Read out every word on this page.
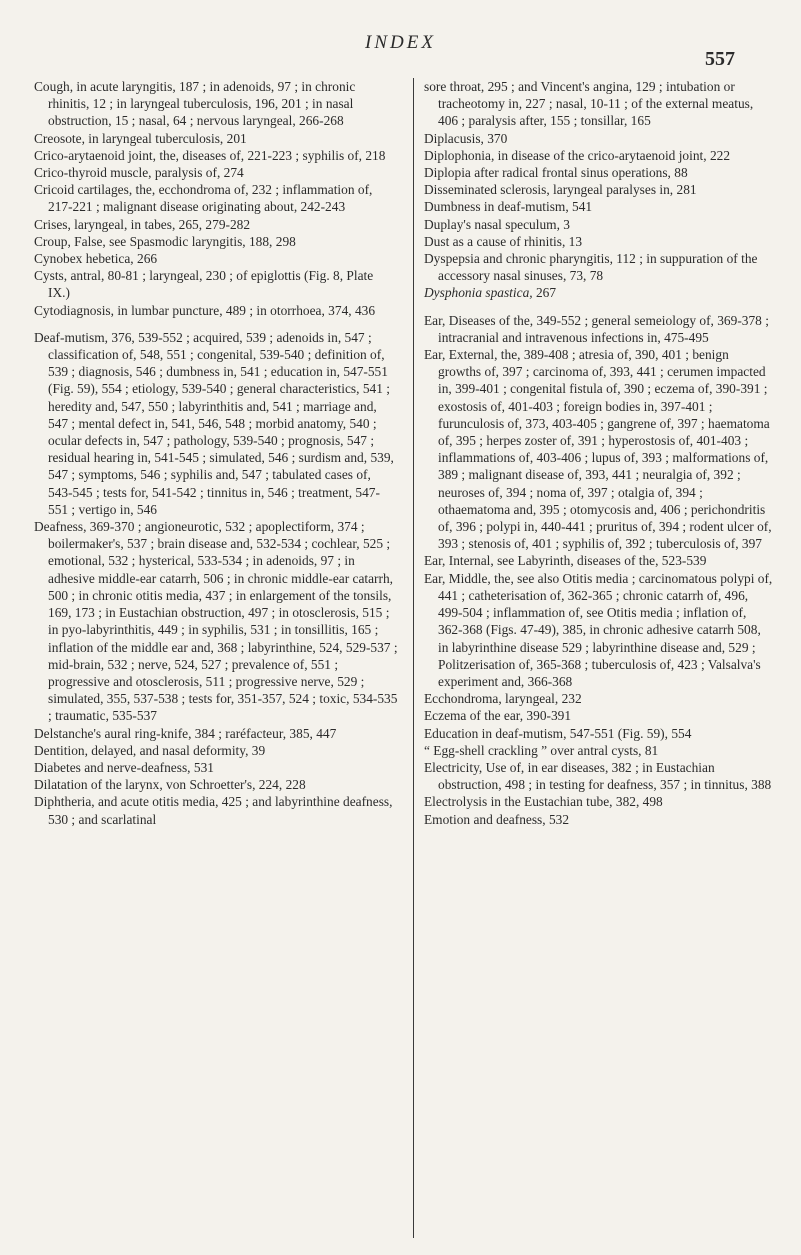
INDEX
557

Cough, in acute laryngitis, 187 ; in adenoids, 97 ; in chronic rhinitis, 12 ; in laryngeal tuberculosis, 196, 201 ; in nasal obstruction, 15 ; nasal, 64 ; nervous laryngeal, 266-268

Creosote, in laryngeal tuberculosis, 201

Crico-arytaenoid joint, the, diseases of, 221-223 ; syphilis of, 218

Crico-thyroid muscle, paralysis of, 274

Cricoid cartilages, the, ecchondroma of, 232 ; inflammation of, 217-221 ; malignant disease originating about, 242-243

Crises, laryngeal, in tabes, 265, 279-282

Croup, False, see Spasmodic laryngitis, 188, 298

Cynobex hebetica, 266

Cysts, antral, 80-81 ; laryngeal, 230 ; of epiglottis (Fig. 8, Plate IX.)

Cytodiagnosis, in lumbar puncture, 489 ; in otorrhoea, 374, 436

Deaf-mutism, 376, 539-552 ; acquired, 539 ; adenoids in, 547 ; classification of, 548, 551 ; congenital, 539-540 ; definition of, 539 ; diagnosis, 546 ; dumbness in, 541 ; education in, 547-551 (Fig. 59), 554 ; etiology, 539-540 ; general characteristics, 541 ; heredity and, 547, 550 ; labyrinthitis and, 541 ; marriage and, 547 ; mental defect in, 541, 546, 548 ; morbid anatomy, 540 ; ocular defects in, 547 ; pathology, 539-540 ; prognosis, 547 ; residual hearing in, 541-545 ; simulated, 546 ; surdism and, 539, 547 ; symptoms, 546 ; syphilis and, 547 ; tabulated cases of, 543-545 ; tests for, 541-542 ; tinnitus in, 546 ; treatment, 547-551 ; vertigo in, 546

Deafness, 369-370 ; angioneurotic, 532 ; apoplectiform, 374 ; boilermaker's, 537 ; brain disease and, 532-534 ; cochlear, 525 ; emotional, 532 ; hysterical, 533-534 ; in adenoids, 97 ; in adhesive middle-ear catarrh, 506 ; in chronic middle-ear catarrh, 500 ; in chronic otitis media, 437 ; in enlargement of the tonsils, 169, 173 ; in Eustachian obstruction, 497 ; in otosclerosis, 515 ; in pyo-labyrinthitis, 449 ; in syphilis, 531 ; in tonsillitis, 165 ; inflation of the middle ear and, 368 ; labyrinthine, 524, 529-537 ; mid-brain, 532 ; nerve, 524, 527 ; prevalence of, 551 ; progressive and otosclerosis, 511 ; progressive nerve, 529 ; simulated, 355, 537-538 ; tests for, 351-357, 524 ; toxic, 534-535 ; traumatic, 535-537

Delstanche's aural ring-knife, 384 ; raréfacteur, 385, 447

Dentition, delayed, and nasal deformity, 39

Diabetes and nerve-deafness, 531

Dilatation of the larynx, von Schroetter's, 224, 228

Diphtheria, and acute otitis media, 425 ; and labyrinthine deafness, 530 ; and scarlatinal

sore throat, 295 ; and Vincent's angina, 129 ; intubation or tracheotomy in, 227 ; nasal, 10-11 ; of the external meatus, 406 ; paralysis after, 155 ; tonsillar, 165

Diplacusis, 370

Diplophonia, in disease of the crico-arytaenoid joint, 222

Diplopia after radical frontal sinus operations, 88

Disseminated sclerosis, laryngeal paralyses in, 281

Dumbness in deaf-mutism, 541

Duplay's nasal speculum, 3

Dust as a cause of rhinitis, 13

Dyspepsia and chronic pharyngitis, 112 ; in suppuration of the accessory nasal sinuses, 73, 78

Dysphonia spastica, 267

Ear, Diseases of the, 349-552 ; general semeiology of, 369-378 ; intracranial and intravenous infections in, 475-495

Ear, External, the, 389-408 ; atresia of, 390, 401 ; benign growths of, 397 ; carcinoma of, 393, 441 ; cerumen impacted in, 399-401 ; congenital fistula of, 390 ; eczema of, 390-391 ; exostosis of, 401-403 ; foreign bodies in, 397-401 ; furunculosis of, 373, 403-405 ; gangrene of, 397 ; haematoma of, 395 ; herpes zoster of, 391 ; hyperostosis of, 401-403 ; inflammations of, 403-406 ; lupus of, 393 ; malformations of, 389 ; malignant disease of, 393, 441 ; neuralgia of, 392 ; neuroses of, 394 ; noma of, 397 ; otalgia of, 394 ; othaematoma and, 395 ; otomycosis and, 406 ; perichondritis of, 396 ; polypi in, 440-441 ; pruritus of, 394 ; rodent ulcer of, 393 ; stenosis of, 401 ; syphilis of, 392 ; tuberculosis of, 397

Ear, Internal, see Labyrinth, diseases of the, 523-539

Ear, Middle, the, see also Otitis media ; carcinomatous polypi of, 441 ; catheterisation of, 362-365 ; chronic catarrh of, 496, 499-504 ; inflammation of, see Otitis media ; inflation of, 362-368 (Figs. 47-49), 385, in chronic adhesive catarrh 508, in labyrinthine disease 529 ; labyrinthine disease and, 529 ; Politzerisation of, 365-368 ; tuberculosis of, 423 ; Valsalva's experiment and, 366-368

Ecchondroma, laryngeal, 232

Eczema of the ear, 390-391

Education in deaf-mutism, 547-551 (Fig. 59), 554

“ Egg-shell crackling ” over antral cysts, 81

Electricity, Use of, in ear diseases, 382 ; in Eustachian obstruction, 498 ; in testing for deafness, 357 ; in tinnitus, 388

Electrolysis in the Eustachian tube, 382, 498

Emotion and deafness, 532
